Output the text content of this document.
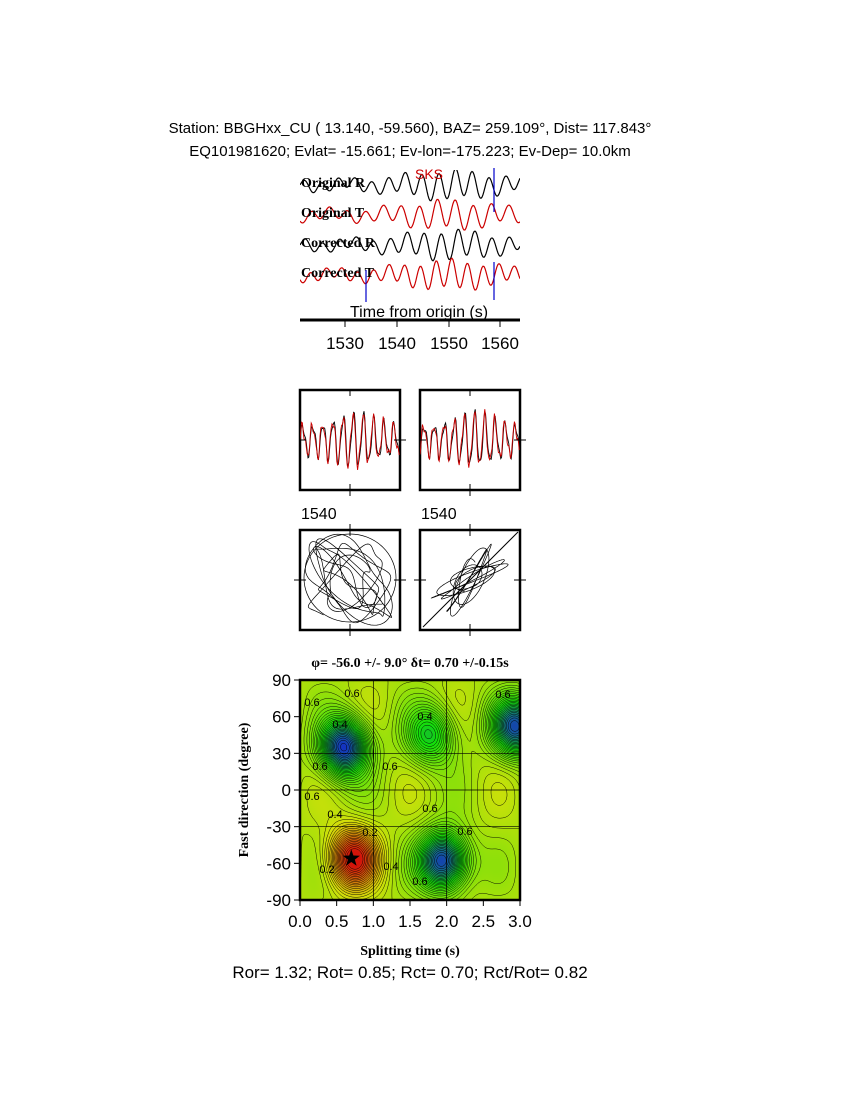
Station: BBGHxx_CU ( 13.140, -59.560), BAZ= 259.109°, Dist= 117.843°
EQ101981620; Evlat= -15.661; Ev-lon=-175.223; Ev-Dep= 10.0km
Original R
Original T
Corrected R
Corrected T
SKS
Time from origin (s)
1530 1540 1550 1560
1540	1540
φ= -56.0 +/- 9.0° δt= 0.70 +/-0.15s
0.6
0.6
0.6
0.4
0.4
0.6	0.6
0.6
0.4
0.2
0.2	0.4
0.6
0.6
0.6
0.0 0.5 1.0 1.5 2.0 2.5 3.0
90
60
30
0
-30
-60
-90
Splitting time (s)
Fast direction (degree)
Ror= 1.32; Rot= 0.85; Rct= 0.70; Rct/Rot= 0.82
